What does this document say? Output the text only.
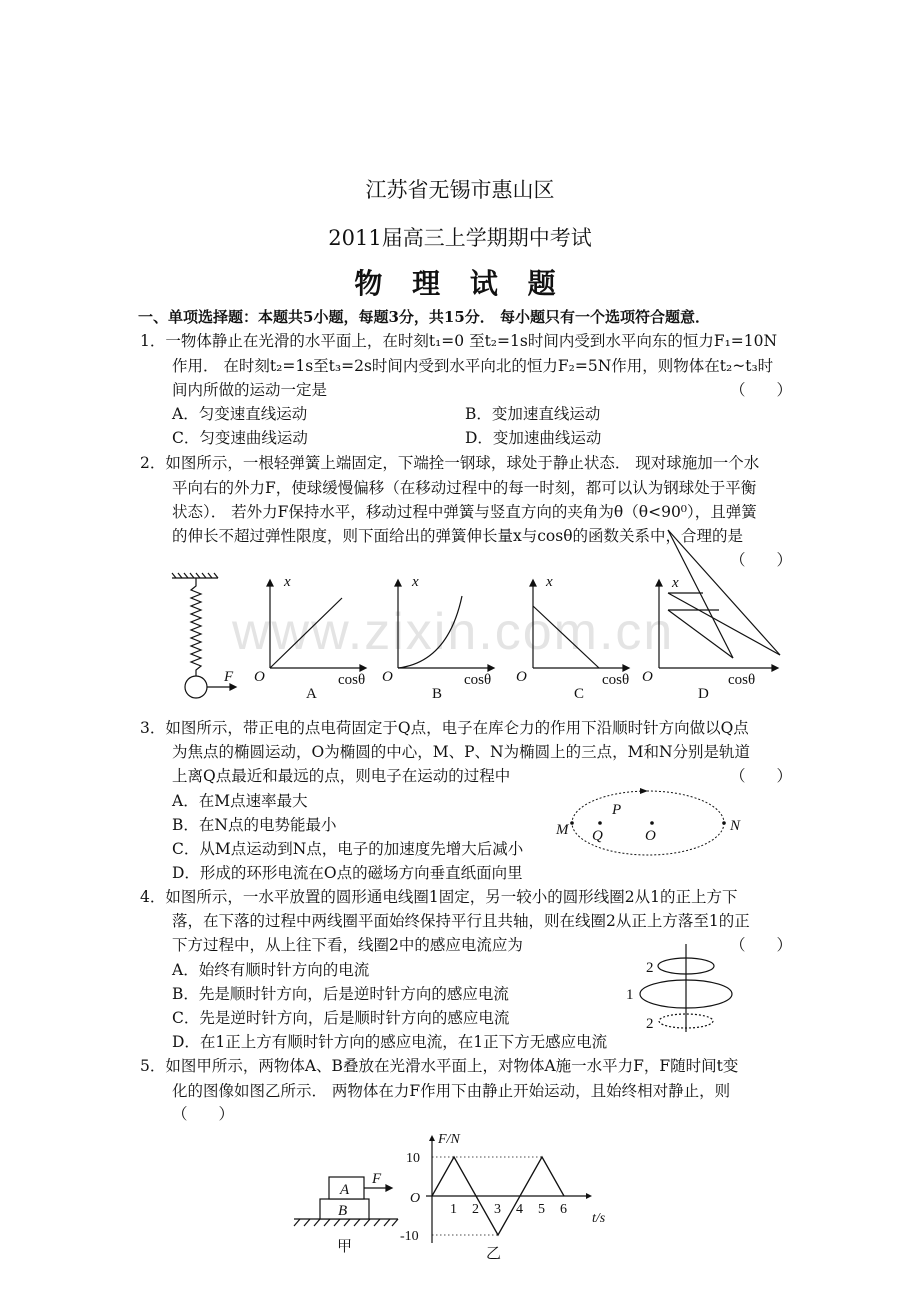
www.zixin.com.cn
江苏省无锡市惠山区
2011届高三上学期期中考试
物 理 试 题
一、单项选择题：本题共5小题，每题3分，共15分． 每小题只有一个选项符合题意．
1．一物体静止在光滑的水平面上，在时刻t₁=0 至t₂=1s时间内受到水平向东的恒力F₁=10N
作用． 在时刻t₂=1s至t₃=2s时间内受到水平向北的恒力F₂=5N作用，则物体在t₂~t₃时
间内所做的运动一定是	（　　）
A．匀变速直线运动	B．变加速直线运动
C．匀变速曲线运动	D．变加速曲线运动
2．如图所示，一根轻弹簧上端固定，下端拴一钢球，球处于静止状态． 现对球施加一个水
平向右的外力F，使球缓慢偏移（在移动过程中的每一时刻，都可以认为钢球处于平衡
状态）． 若外力F保持水平，移动过程中弹簧与竖直方向的夹角为θ（θ<90⁰），且弹簧
的伸长不超过弹性限度，则下面给出的弹簧伸长量x与cosθ的函数关系中，合理的是
（　　）
F
x
O	cosθ
A
x
O	cosθ
B
x
O	cosθ
C
x
O	cosθ
D
P
M Q	O
N
2
1
2
A
B
F
甲
1 2 3 4 5 6
10
-10
O
F/N
t/s
乙
3．如图所示，带正电的点电荷固定于Q点，电子在库仑力的作用下沿顺时针方向做以Q点
为焦点的椭圆运动，O为椭圆的中心，M、P、N为椭圆上的三点，M和N分别是轨道
上离Q点最近和最远的点，则电子在运动的过程中	（　　）
A．在M点速率最大
B．在N点的电势能最小
C．从M点运动到N点，电子的加速度先增大后减小
D．形成的环形电流在O点的磁场方向垂直纸面向里
4．如图所示，一水平放置的圆形通电线圈1固定，另一较小的圆形线圈2从1的正上方下
落，在下落的过程中两线圈平面始终保持平行且共轴，则在线圈2从正上方落至1的正
下方过程中，从上往下看，线圈2中的感应电流应为	（　　）
A．始终有顺时针方向的电流
B．先是顺时针方向，后是逆时针方向的感应电流
C．先是逆时针方向，后是顺时针方向的感应电流
D．在1正上方有顺时针方向的感应电流，在1正下方无感应电流
5．如图甲所示，两物体A、B叠放在光滑水平面上，对物体A施一水平力F，F随时间t变
化的图像如图乙所示． 两物体在力F作用下由静止开始运动，且始终相对静止，则
（　　）
